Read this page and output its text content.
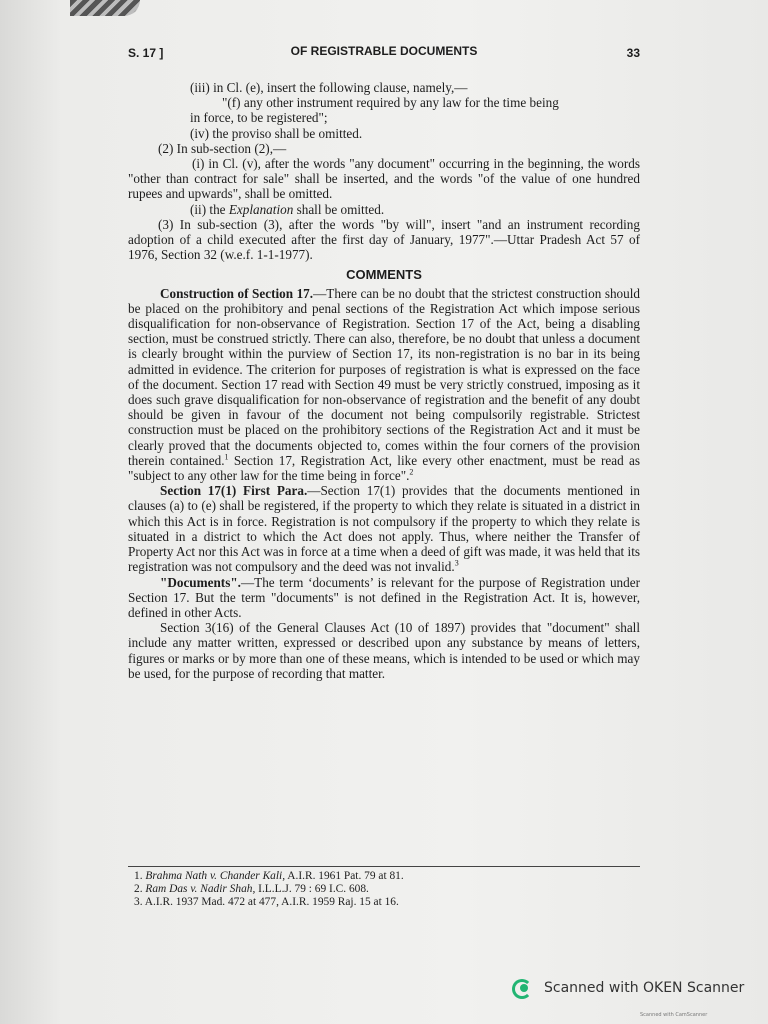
S. 17 ]	OF REGISTRABLE DOCUMENTS	33

(iii) in Cl. (e), insert the following clause, namely,—

"(f) any other instrument required by any law for the time being

in force, to be registered";

(iv) the proviso shall be omitted.

(2) In sub-section (2),—

(i) in Cl. (v), after the words "any document" occurring in the beginning, the words "other than contract for sale" shall be inserted, and the words "of the value of one hundred rupees and upwards", shall be omitted.

(ii) the Explanation shall be omitted.

(3) In sub-section (3), after the words "by will", insert "and an instrument recording adoption of a child executed after the first day of January, 1977".—Uttar Pradesh Act 57 of 1976, Section 32 (w.e.f. 1-1-1977).

COMMENTS

Construction of Section 17.—There can be no doubt that the strictest construction should be placed on the prohibitory and penal sections of the Registration Act which impose serious disqualification for non-observance of Registration. Section 17 of the Act, being a disabling section, must be construed strictly. There can also, therefore, be no doubt that unless a document is clearly brought within the purview of Section 17, its non-registration is no bar in its being admitted in evidence. The criterion for purposes of registration is what is expressed on the face of the document. Section 17 read with Section 49 must be very strictly construed, imposing as it does such grave disqualification for non-observance of registration and the benefit of any doubt should be given in favour of the document not being compulsorily registrable. Strictest construction must be placed on the prohibitory sections of the Registration Act and it must be clearly proved that the documents objected to, comes within the four corners of the provision therein contained.$^1$ Section 17, Registration Act, like every other enactment, must be read as "subject to any other law for the time being in force".$^2$

Section 17(1) First Para.—Section 17(1) provides that the documents mentioned in clauses (a) to (e) shall be registered, if the property to which they relate is situated in a district in which this Act is in force. Registration is not compulsory if the property to which they relate is situated in a district to which the Act does not apply. Thus, where neither the Transfer of Property Act nor this Act was in force at a time when a deed of gift was made, it was held that its registration was not compulsory and the deed was not invalid.$^3$

"Documents".—The term ‘documents’ is relevant for the purpose of Registration under Section 17. But the term "documents" is not defined in the Registration Act. It is, however, defined in other Acts.

Section 3(16) of the General Clauses Act (10 of 1897) provides that "document" shall include any matter written, expressed or described upon any substance by means of letters, figures or marks or by more than one of these means, which is intended to be used or which may be used, for the purpose of recording that matter.

1. Brahma Nath v. Chander Kali, A.I.R. 1961 Pat. 79 at 81.
2. Ram Das v. Nadir Shah, I.L.L.J. 79 : 69 I.C. 608.
3. A.I.R. 1937 Mad. 472 at 477, A.I.R. 1959 Raj. 15 at 16.
Scanned with OKEN Scanner
Scanned with CamScanner
